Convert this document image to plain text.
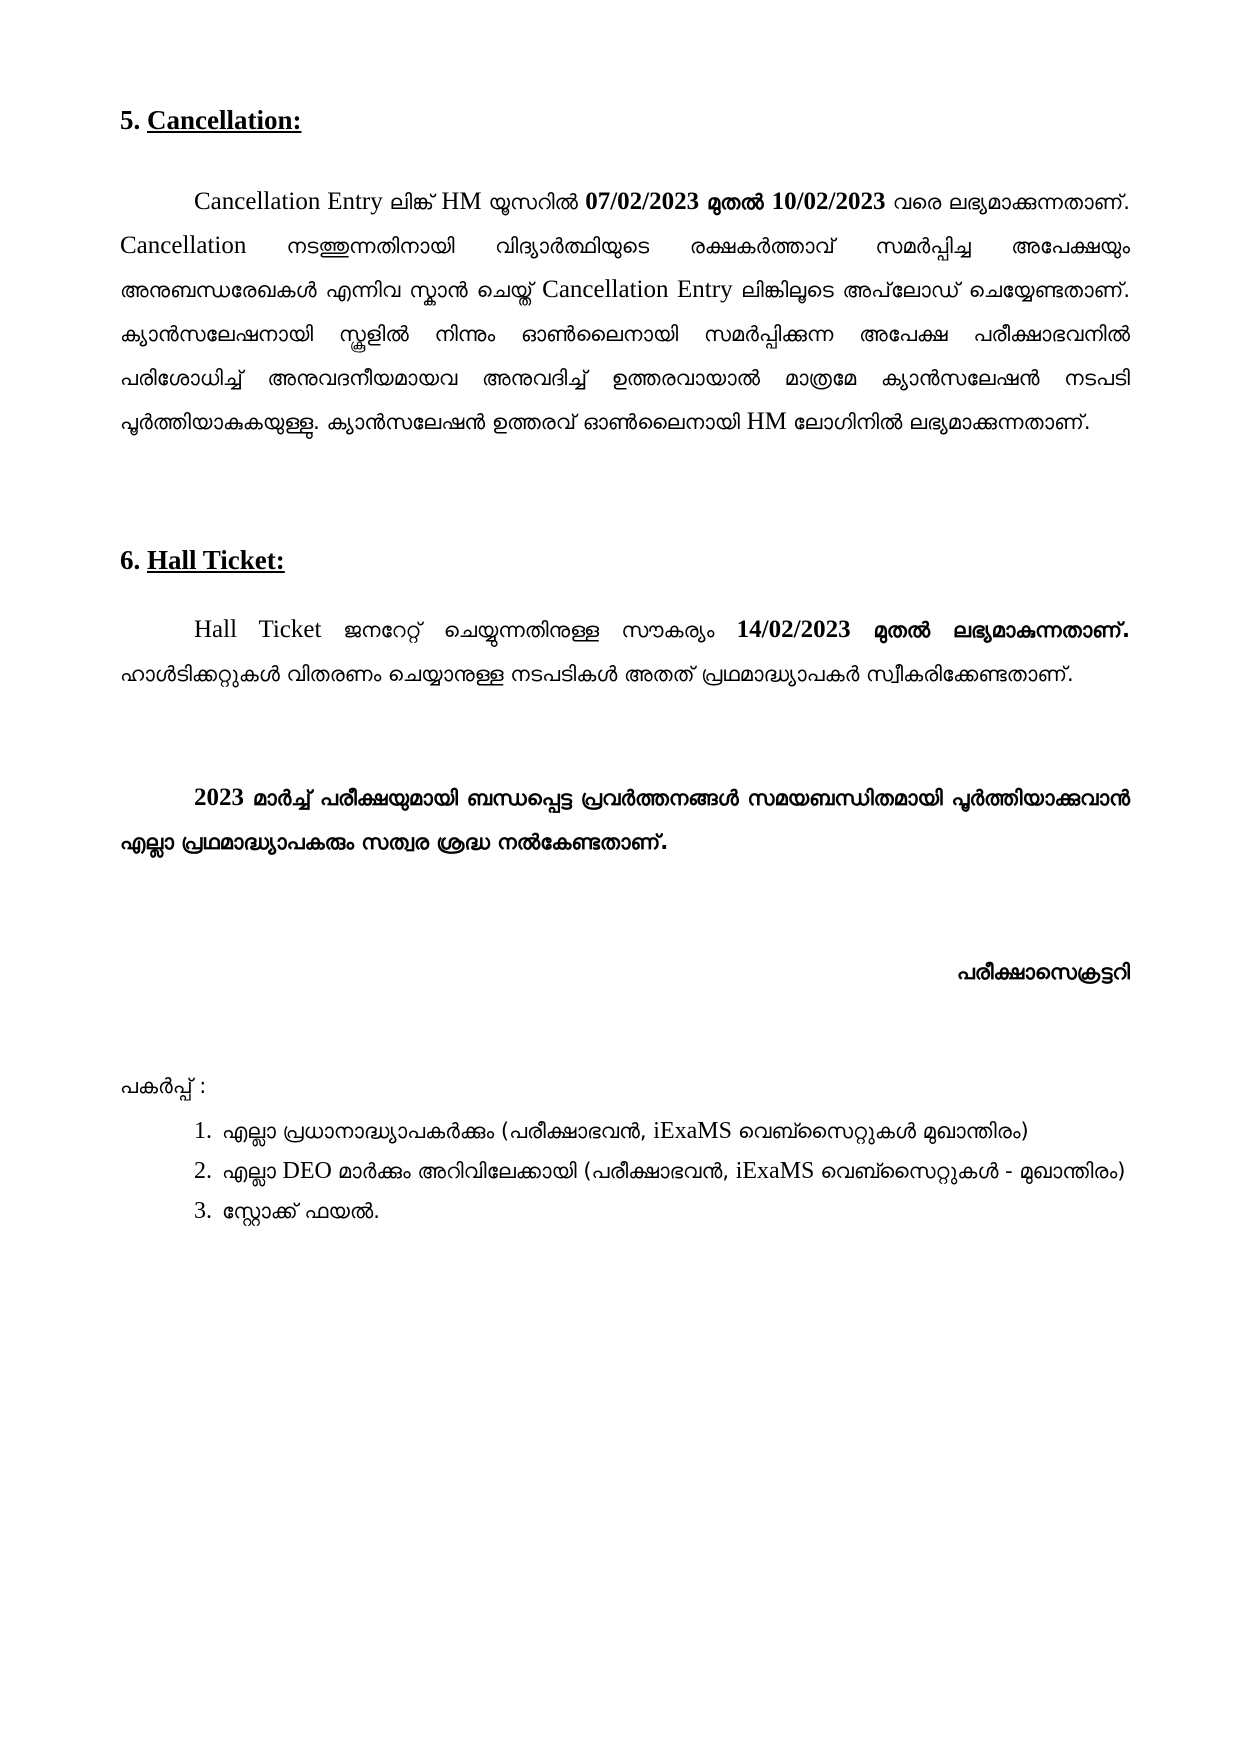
5. Cancellation:

Cancellation Entry ലിങ്ക് HM യൂസറിൽ 07/02/2023 മുതൽ 10/02/2023 വരെ ലഭ്യമാക്കുന്നതാണ്. Cancellation നടത്തുന്നതിനായി വിദ്യാർത്ഥിയുടെ രക്ഷകർത്താവ് സമർപ്പിച്ച അപേക്ഷയും അനുബന്ധരേഖകൾ എന്നിവ സ്കാൻ ചെയ്ത് Cancellation Entry ലിങ്കിലൂടെ അപ്‌ലോഡ് ചെയ്യേണ്ടതാണ്. ക്യാൻസലേഷനായി സ്കൂളിൽ നിന്നും ഓൺലൈനായി സമർപ്പിക്കുന്ന അപേക്ഷ പരീക്ഷാഭവനിൽ പരിശോധിച്ച് അനുവദനീയമായവ അനുവദിച്ച് ഉത്തരവായാൽ മാത്രമേ ക്യാൻസലേഷൻ നടപടി പൂർത്തിയാകുകയുള്ളു. ക്യാൻസലേഷൻ ഉത്തരവ് ഓൺലൈനായി HM ലോഗിനിൽ ലഭ്യമാക്കുന്നതാണ്.

6. Hall Ticket:

Hall Ticket ജനറേറ്റ് ചെയ്യുന്നതിനുള്ള സൗകര്യം 14/02/2023 മുതൽ ലഭ്യമാകുന്നതാണ്. ഹാൾടിക്കറ്റുകൾ വിതരണം ചെയ്യാനുള്ള നടപടികൾ അതത് പ്രഥമാദ്ധ്യാപകർ സ്വീകരിക്കേണ്ടതാണ്.

2023 മാർച്ച് പരീക്ഷയുമായി ബന്ധപ്പെട്ട പ്രവർത്തനങ്ങൾ സമയബന്ധിതമായി പൂർത്തിയാക്കുവാൻ എല്ലാ പ്രഥമാദ്ധ്യാപകരും സത്വര ശ്രദ്ധ നൽകേണ്ടതാണ്.

പരീക്ഷാസെക്രട്ടറി
പകർപ്പ് :
1. എല്ലാ പ്രധാനാദ്ധ്യാപകർക്കും (പരീക്ഷാഭവൻ, iExaMS വെബ്സൈറ്റുകൾ മുഖാന്തിരം)
2. എല്ലാ DEO മാർക്കും അറിവിലേക്കായി (പരീക്ഷാഭവൻ, iExaMS വെബ്സൈറ്റുകൾ - മുഖാന്തിരം)
3. സ്റ്റോക്ക് ഫയൽ.
